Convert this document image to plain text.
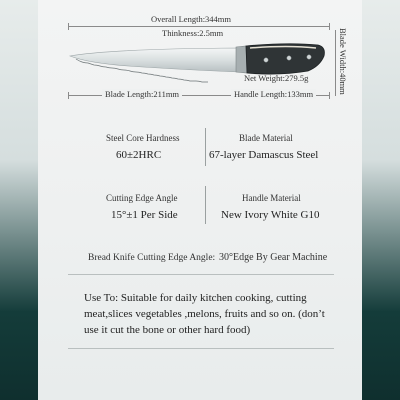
Overall Length:344mm
Thinkness:2.5mm	Blade Width:40mm
Net Weight:279.5g
Blade Length:211mm	Handle Length:133mm
Steel Core Hardness
60±2HRC
Blade Material
67-layer Damascus Steel
Cutting Edge Angle
15°±1 Per Side
Handle Material
New Ivory White G10
Bread Knife Cutting Edge Angle: 30°Edge By Gear Machine
Use To: Suitable for daily kitchen cooking, cutting meat,slices vegetables ,melons, fruits and so on. (don’t use it cut the bone or other hard food)
